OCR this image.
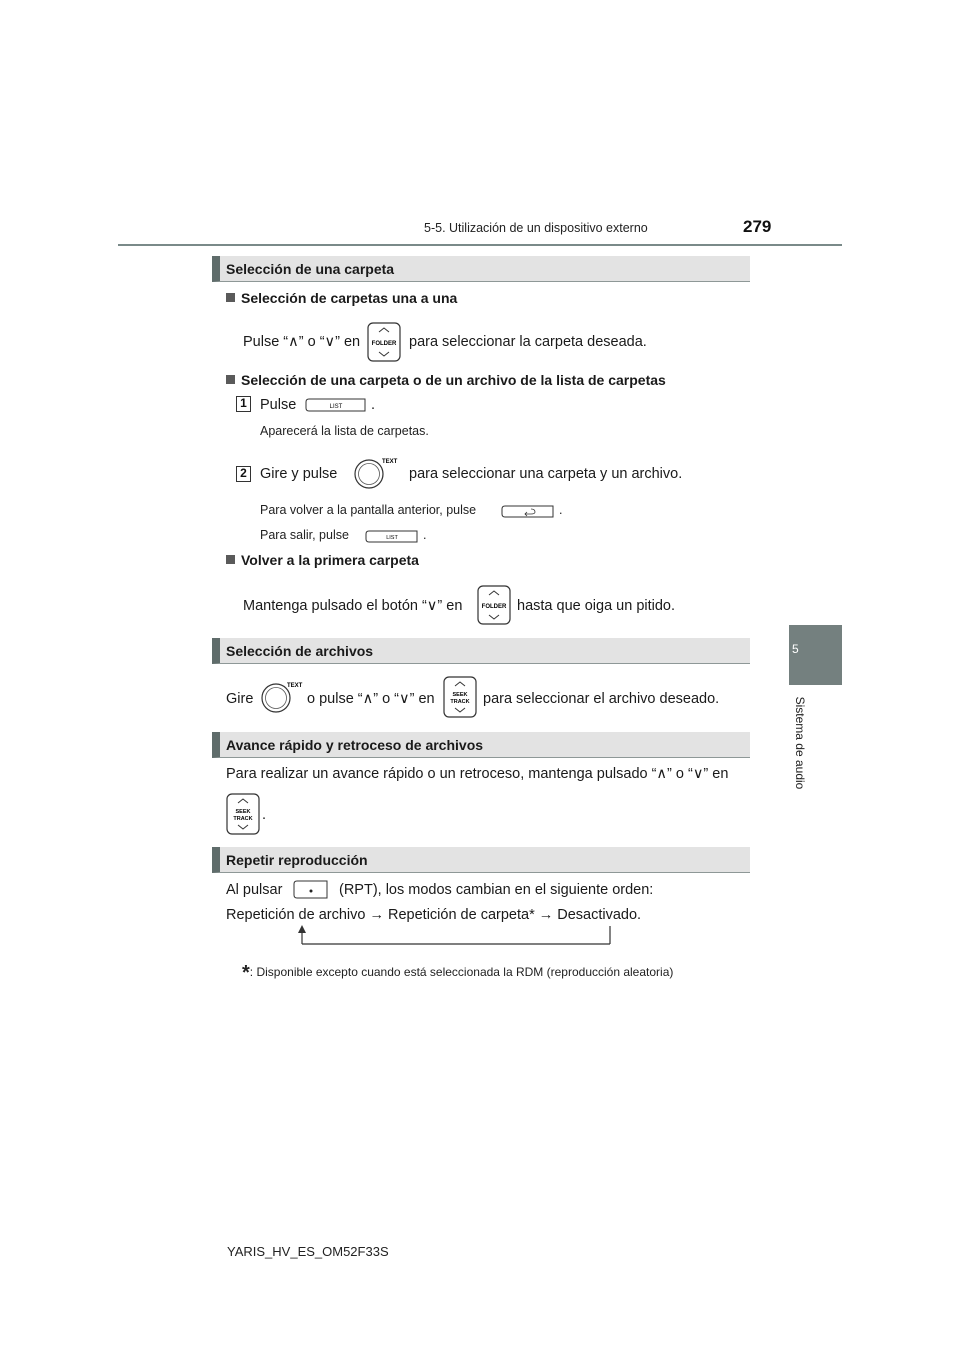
5-5. Utilización de un dispositivo externo	279
5
Sistema de audio
Selección de una carpeta
Selección de carpetas una a una
Pulse “∧” o “∨” en FOLDER para seleccionar la carpeta deseada.
Selección de una carpeta o de un archivo de la lista de carpetas
1 Pulse	LIST .
Aparecerá la lista de carpetas.
2 Gire y pulse
TEXT
para seleccionar una carpeta y un archivo.
Para volver a la pantalla anterior, pulse	.
Para salir, pulse	LIST .
Volver a la primera carpeta
Mantenga pulsado el botón “∨” en	FOLDER hasta que oiga un pitido.
Selección de archivos
Gire
TEXT
o pulse “∧” o “∨” en	SEEK
TRACK para seleccionar el archivo deseado.
Avance rápido y retroceso de archivos
Para realizar un avance rápido o un retroceso, mantenga pulsado “∧” o “∨” en
SEEK
TRACK .
Repetir reproducción
Al pulsar	(RPT), los modos cambian en el siguiente orden:
Repetición de archivo → Repetición de carpeta* → Desactivado.
*: Disponible excepto cuando está seleccionada la RDM (reproducción aleatoria)
YARIS_HV_ES_OM52F33S
